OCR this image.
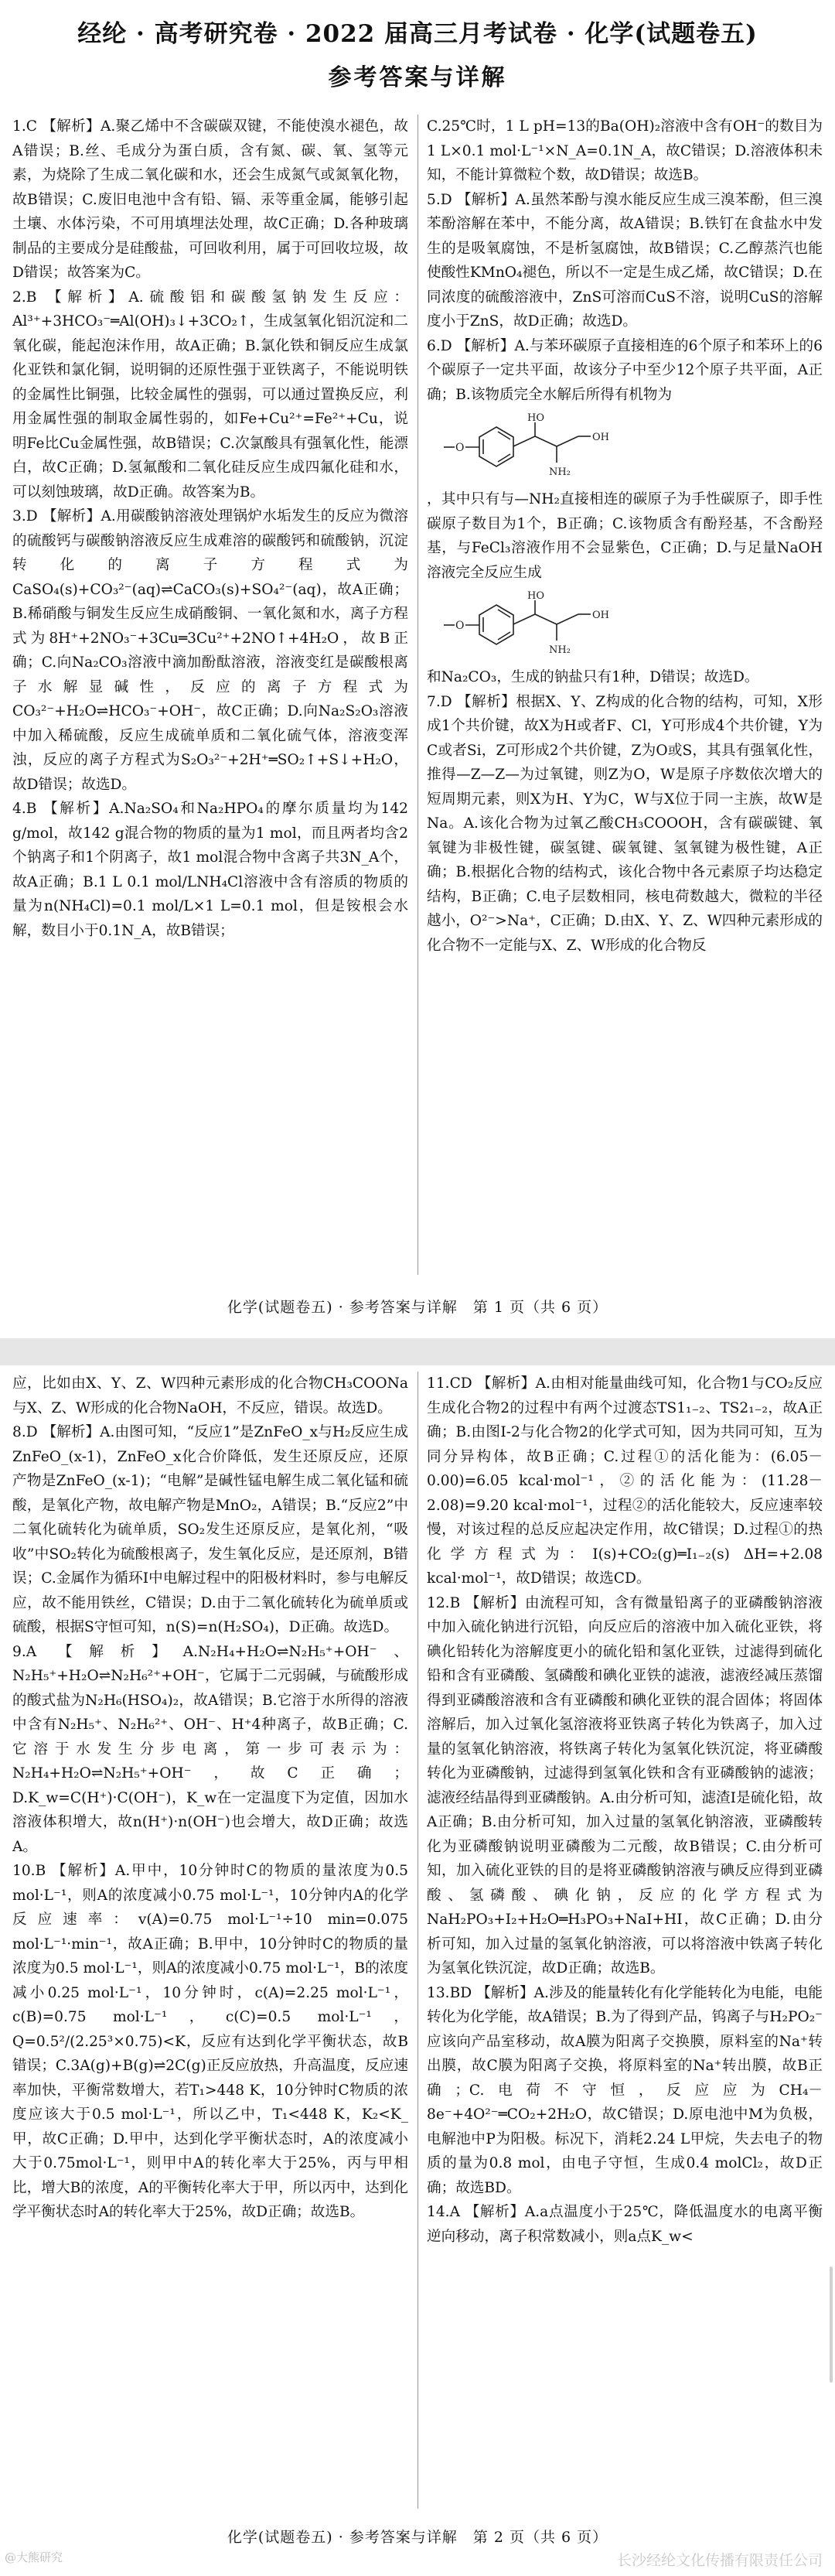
经纶 · 高考研究卷 · 2022 届高三月考试卷 · 化学(试题卷五)
参考答案与详解

1.C 【解析】A.聚乙烯中不含碳碳双键，不能使溴水褪色，故A错误；B.丝、毛成分为蛋白质，含有氮、碳、氧、氢等元素，为烧除了生成二氧化碳和水，还会生成氮气或氮氧化物，故B错误；C.废旧电池中含有铅、镉、汞等重金属，能够引起土壤、水体污染，不可用填埋法处理，故C正确；D.各种玻璃制品的主要成分是硅酸盐，可回收利用，属于可回收垃圾，故D错误；故答案为C。

2.B 【解析】A.硫酸铝和碳酸氢钠发生反应：Al³⁺+3HCO₃⁻═Al(OH)₃↓+3CO₂↑，生成氢氧化铝沉淀和二氧化碳，能起泡沫作用，故A正确；B.氯化铁和铜反应生成氯化亚铁和氯化铜，说明铜的还原性强于亚铁离子，不能说明铁的金属性比铜强，比较金属性的强弱，可以通过置换反应，利用金属性强的制取金属性弱的，如Fe+Cu²⁺=Fe²⁺+Cu，说明Fe比Cu金属性强，故B错误；C.次氯酸具有强氧化性，能漂白，故C正确；D.氢氟酸和二氧化硅反应生成四氟化硅和水，可以刻蚀玻璃，故D正确。故答案为B。

3.D 【解析】A.用碳酸钠溶液处理锅炉水垢发生的反应为微溶的硫酸钙与碳酸钠溶液反应生成难溶的碳酸钙和硫酸钠，沉淀转化的离子方程式为CaSO₄(s)+CO₃²⁻(aq)⇌CaCO₃(s)+SO₄²⁻(aq)，故A正确；B.稀硝酸与铜发生反应生成硝酸铜、一氧化氮和水，离子方程式为8H⁺+2NO₃⁻+3Cu═3Cu²⁺+2NO↑+4H₂O，故B正确；C.向Na₂CO₃溶液中滴加酚酞溶液，溶液变红是碳酸根离子水解显碱性，反应的离子方程式为CO₃²⁻+H₂O⇌HCO₃⁻+OH⁻，故C正确；D.向Na₂S₂O₃溶液中加入稀硫酸，反应生成硫单质和二氧化硫气体，溶液变浑浊，反应的离子方程式为S₂O₃²⁻+2H⁺═SO₂↑+S↓+H₂O，故D错误；故选D。

4.B 【解析】A.Na₂SO₄和Na₂HPO₄的摩尔质量均为142 g/mol，故142 g混合物的物质的量为1 mol，而且两者均含2个钠离子和1个阴离子，故1 mol混合物中含离子共3N_A个，故A正确；B.1 L 0.1 mol/LNH₄Cl溶液中含有溶质的物质的量为n(NH₄Cl)=0.1 mol/L×1 L=0.1 mol，但是铵根会水解，数目小于0.1N_A，故B错误；

C.25℃时，1 L pH=13的Ba(OH)₂溶液中含有OH⁻的数目为1 L×0.1 mol·L⁻¹×N_A=0.1N_A，故C错误；D.溶液体积未知，不能计算微粒个数，故D错误；故选B。

5.D 【解析】A.虽然苯酚与溴水能反应生成三溴苯酚，但三溴苯酚溶解在苯中，不能分离，故A错误；B.铁钉在食盐水中发生的是吸氧腐蚀，不是析氢腐蚀，故B错误；C.乙醇蒸汽也能使酸性KMnO₄褪色，所以不一定是生成乙烯，故C错误；D.在同浓度的硫酸溶液中，ZnS可溶而CuS不溶，说明CuS的溶解度小于ZnS，故D正确；故选D。

6.D 【解析】A.与苯环碳原子直接相连的6个原子和苯环上的6个碳原子一定共平面，故该分子中至少12个原子共平面，A正确；B.该物质完全水解后所得有机物为

O
HO
OH
NH₂

，其中只有与—NH₂直接相连的碳原子为手性碳原子，即手性碳原子数目为1个，B正确；C.该物质含有酚羟基，不含酚羟基，与FeCl₃溶液作用不会显紫色，C正确；D.与足量NaOH溶液完全反应生成

O
HO
OH
NH₂

和Na₂CO₃，生成的钠盐只有1种，D错误；故选D。

7.D 【解析】根据X、Y、Z构成的化合物的结构，可知，X形成1个共价键，故X为H或者F、Cl，Y可形成4个共价键，Y为C或者Si，Z可形成2个共价键，Z为O或S，其具有强氧化性，推得—Z—Z—为过氧键，则Z为O，W是原子序数依次增大的短周期元素，则X为H、Y为C，W与X位于同一主族，故W是Na。A.该化合物为过氧乙酸CH₃COOOH，含有碳碳键、氧氧键为非极性键，碳氢键、碳氧键、氢氧键为极性键，A正确；B.根据化合物的结构式，该化合物中各元素原子均达稳定结构，B正确；C.电子层数相同，核电荷数越大，微粒的半径越小，O²⁻>Na⁺，C正确；D.由X、Y、Z、W四种元素形成的化合物不一定能与X、Z、W形成的化合物反

化学(试题卷五) · 参考答案与详解　第 1 页（共 6 页）

应，比如由X、Y、Z、W四种元素形成的化合物CH₃COONa与X、Z、W形成的化合物NaOH，不反应，错误。故选D。

8.D 【解析】A.由图可知，“反应1”是ZnFeO_x与H₂反应生成ZnFeO_(x-1)，ZnFeO_x化合价降低，发生还原反应，还原产物是ZnFeO_(x-1)；“电解”是碱性锰电解生成二氧化锰和硫酸，是氧化产物，故电解产物是MnO₂，A错误；B.“反应2”中二氧化硫转化为硫单质，SO₂发生还原反应，是氧化剂，“吸收”中SO₂转化为硫酸根离子，发生氧化反应，是还原剂，B错误；C.金属作为循环I中电解过程中的阳极材料时，参与电解反应，故不能用铁丝，C错误；D.由于二氧化硫转化为硫单质或硫酸，根据S守恒可知，n(S)=n(H₂SO₄)，D正确。故选D。

9.A 【解析】A.N₂H₄+H₂O⇌N₂H₅⁺+OH⁻、N₂H₅⁺+H₂O⇌N₂H₆²⁺+OH⁻，它属于二元弱碱，与硫酸形成的酸式盐为N₂H₆(HSO₄)₂，故A错误；B.它溶于水所得的溶液中含有N₂H₅⁺、N₂H₆²⁺、OH⁻、H⁺4种离子，故B正确；C.它溶于水发生分步电离，第一步可表示为：N₂H₄+H₂O⇌N₂H₅⁺+OH⁻，故C正确；D.K_w=C(H⁺)·C(OH⁻)，K_w在一定温度下为定值，因加水溶液体积增大，故n(H⁺)·n(OH⁻)也会增大，故D正确；故选A。

10.B 【解析】A.甲中，10分钟时C的物质的量浓度为0.5 mol·L⁻¹，则A的浓度减小0.75 mol·L⁻¹，10分钟内A的化学反应速率：v(A)=0.75 mol·L⁻¹÷10 min=0.075 mol·L⁻¹·min⁻¹，故A正确；B.甲中，10分钟时C的物质的量浓度为0.5 mol·L⁻¹，则A的浓度减小0.75 mol·L⁻¹，B的浓度减小0.25 mol·L⁻¹，10分钟时，c(A)=2.25 mol·L⁻¹，c(B)=0.75 mol·L⁻¹，c(C)=0.5 mol·L⁻¹，Q=0.5²/(2.25³×0.75)<K，反应有达到化学平衡状态，故B错误；C.3A(g)+B(g)⇌2C(g)正反应放热，升高温度，反应速率加快，平衡常数增大，若T₁>448 K，10分钟时C物质的浓度应该大于0.5 mol·L⁻¹，所以乙中，T₁<448 K，K₂<K_甲，故C正确；D.甲中，达到化学平衡状态时，A的浓度减小大于0.75mol·L⁻¹，则甲中A的转化率大于25%，丙与甲相比，增大B的浓度，A的平衡转化率大于甲，所以丙中，达到化学平衡状态时A的转化率大于25%，故D正确；故选B。

11.CD 【解析】A.由相对能量曲线可知，化合物1与CO₂反应生成化合物2的过程中有两个过渡态TS1₁₋₂、TS2₁₋₂，故A正确；B.由图I-2与化合物2的化学式可知，因为共同可知，互为同分异构体，故B正确；C.过程①的活化能为：(6.05－0.00)=6.05 kcal·mol⁻¹，②的活化能为：(11.28－2.08)=9.20 kcal·mol⁻¹，过程②的活化能较大，反应速率较慢，对该过程的总反应起决定作用，故C错误；D.过程①的热化学方程式为：I(s)+CO₂(g)═I₁₋₂(s) ΔH=+2.08 kcal·mol⁻¹，故D错误；故选CD。

12.B 【解析】由流程可知，含有微量铅离子的亚磷酸钠溶液中加入硫化钠进行沉铅，向反应后的溶液中加入硫化亚铁，将碘化铅转化为溶解度更小的硫化铅和氢化亚铁，过滤得到硫化铅和含有亚磷酸、氢磷酸和碘化亚铁的滤液，滤液经减压蒸馏得到亚磷酸溶液和含有亚磷酸和碘化亚铁的混合固体；将固体溶解后，加入过氧化氢溶液将亚铁离子转化为铁离子，加入过量的氢氧化钠溶液，将铁离子转化为氢氧化铁沉淀，将亚磷酸转化为亚磷酸钠，过滤得到氢氧化铁和含有亚磷酸钠的滤液；滤液经结晶得到亚磷酸钠。A.由分析可知，滤渣I是硫化铅，故A正确；B.由分析可知，加入过量的氢氧化钠溶液，亚磷酸转化为亚磷酸钠说明亚磷酸为二元酸，故B错误；C.由分析可知，加入硫化亚铁的目的是将亚磷酸钠溶液与碘反应得到亚磷酸、氢磷酸、碘化钠，反应的化学方程式为NaH₂PO₃+I₂+H₂O═H₃PO₃+NaI+HI，故C正确；D.由分析可知，加入过量的氢氧化钠溶液，可以将溶液中铁离子转化为氢氧化铁沉淀，故D正确；故选B。

13.BD 【解析】A.涉及的能量转化有化学能转化为电能，电能转化为化学能，故A错误；B.为了得到产品，钨离子与H₂PO₂⁻应该向产品室移动，故A膜为阳离子交换膜，原料室的Na⁺转出膜，故C膜为阳离子交换，将原料室的Na⁺转出膜，故B正确；C.电荷不守恒，反应应为CH₄－8e⁻+4O²⁻═CO₂+2H₂O，故C错误；D.原电池中M为负极，电解池中P为阳极。标况下，消耗2.24 L甲烷，失去电子的物质的量为0.8 mol，由电子守恒，生成0.4 molCl₂，故D正确；故选BD。

14.A 【解析】A.a点温度小于25℃，降低温度水的电离平衡逆向移动，离子积常数减小，则a点K_w<

化学(试题卷五) · 参考答案与详解　第 2 页（共 6 页）
@大熊研究	长沙经纶文化传播有限责任公司
